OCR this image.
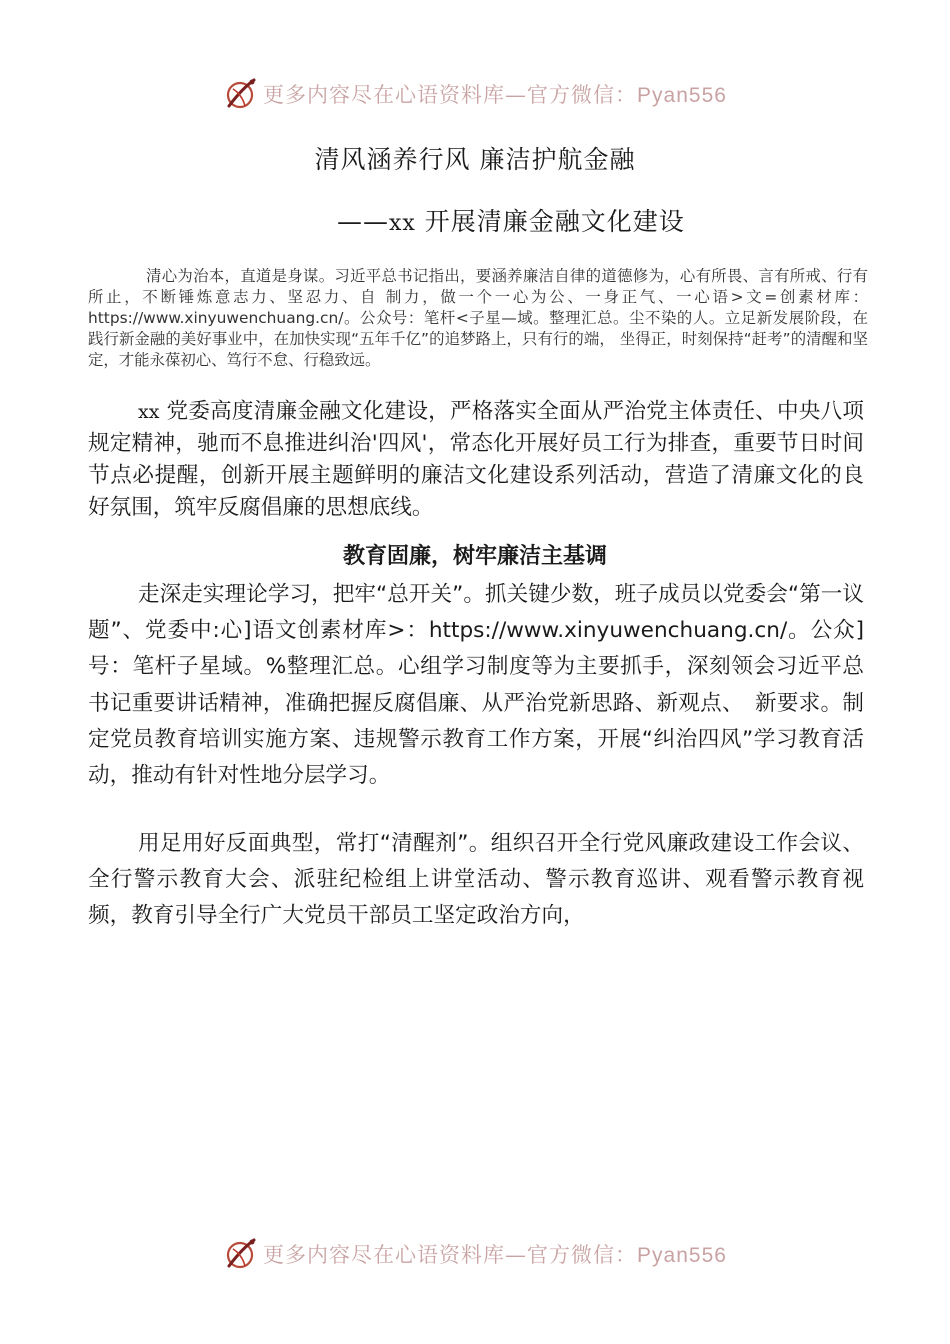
更多内容尽在心语资料库—官方微信：Pyan556
清风涵养行风 廉洁护航金融
——xx 开展清廉金融文化建设
清心为治本，直道是身谋。习近平总书记指出，要涵养廉洁自律的道德修为，心有所畏、言有所戒、行有所止，不断锤炼意志力、坚忍力、自 制力，做一个一心为公、一身正气、一心语>文=创素材库：https://www.xinyuwenchuang.cn/。公众号：笔杆<子星—域。整理汇总。尘不染的人。立足新发展阶段，在 践行新金融的美好事业中，在加快实现“五年千亿”的追梦路上，只有行的端， 坐得正，时刻保持“赶考”的清醒和坚定，才能永葆初心、笃行不怠、行稳致远。
xx 党委高度清廉金融文化建设，严格落实全面从严治党主体责任、中央八项规定精神，驰而不息推进纠治'四风'，常态化开展好员工行为排查，重要节日时间节点必提醒，创新开展主题鲜明的廉洁文化建设系列活动，营造了清廉文化的良好氛围，筑牢反腐倡廉的思想底线。
教育固廉，树牢廉洁主基调
走深走实理论学习，把牢“总开关”。抓关键少数，班子成员以党委会“第一议题”、党委中:心]语文创素材库>：https://www.xinyuwenchuang.cn/。公众]号：笔杆子星域。%整理汇总。心组学习制度等为主要抓手，深刻领会习近平总书记重要讲话精神，准确把握反腐倡廉、从严治党新思路、新观点、　新要求。制定党员教育培训实施方案、违规警示教育工作方案，开展“纠治四风”学习教育活动，推动有针对性地分层学习。
用足用好反面典型，常打“清醒剂”。组织召开全行党风廉政建设工作会议、全行警示教育大会、派驻纪检组上讲堂活动、警示教育巡讲、观看警示教育视频，教育引导全行广大党员干部员工坚定政治方向，
更多内容尽在心语资料库—官方微信：Pyan556
